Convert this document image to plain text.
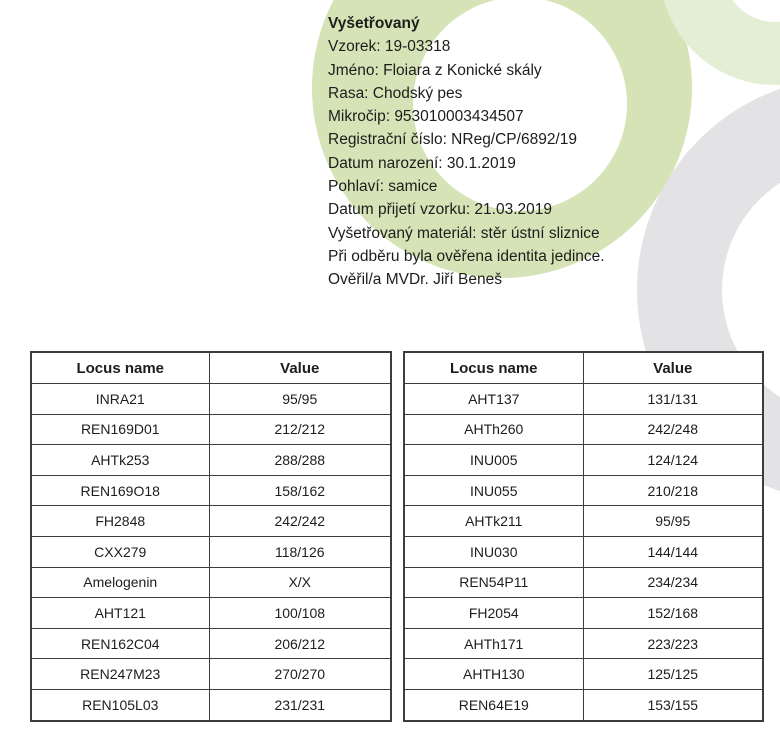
Vyšetřovaný
Vzorek: 19-03318
Jméno: Floiara z Konické skály
Rasa: Chodský pes
Mikročip: 953010003434507
Registrační číslo: NReg/CP/6892/19
Datum narození: 30.1.2019
Pohlaví: samice
Datum přijetí vzorku: 21.03.2019
Vyšetřovaný materiál: stěr ústní sliznice
Při odběru byla ověřena identita jedince.
Ověřil/a MVDr. Jiří Beneš
Locus name	Value
INRA21	95/95
REN169D01	212/212
AHTk253	288/288
REN169O18	158/162
FH2848	242/242
CXX279	118/126
Amelogenin	X/X
AHT121	100/108
REN162C04	206/212
REN247M23	270/270
REN105L03	231/231
Locus name	Value
AHT137	131/131
AHTh260	242/248
INU005	124/124
INU055	210/218
AHTk211	95/95
INU030	144/144
REN54P11	234/234
FH2054	152/168
AHTh171	223/223
AHTH130	125/125
REN64E19	153/155
